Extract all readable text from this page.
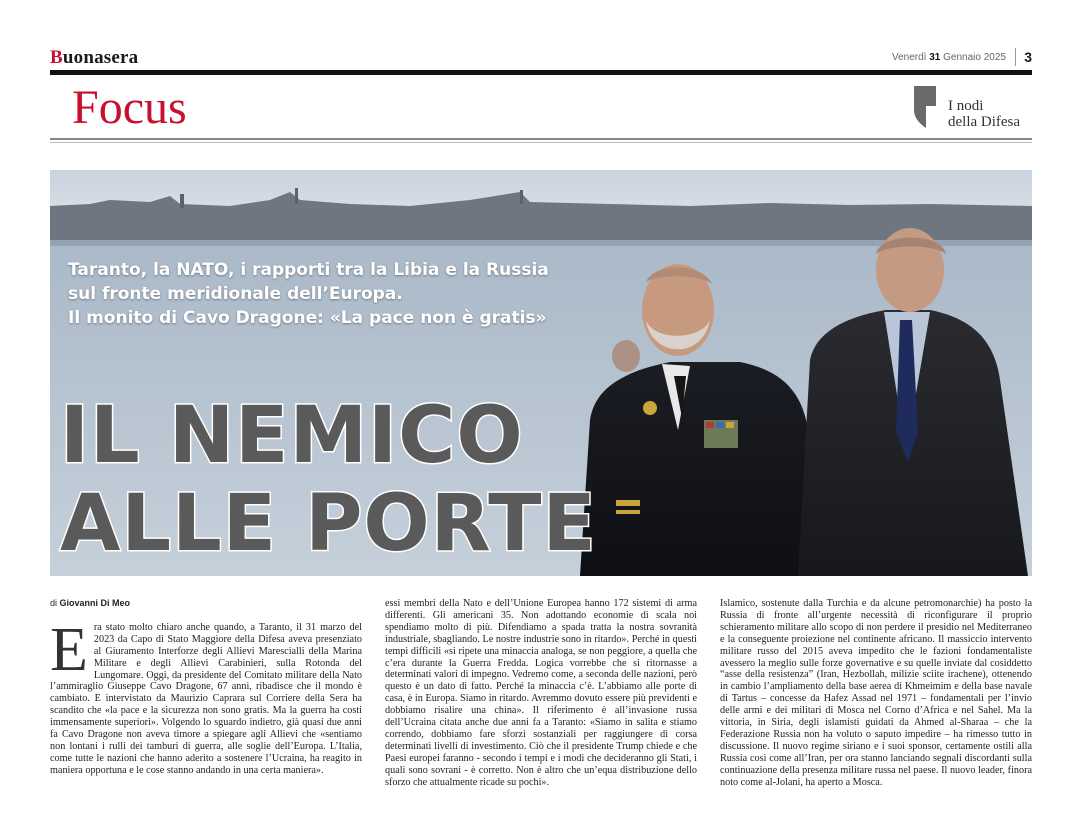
Buonasera	Venerdì 31 Gennaio 2025	3
Focus	I nodi
della Difesa
Taranto, la NATO, i rapporti tra la Libia e la Russia
sul fronte meridionale dell’Europa.
Il monito di Cavo Dragone: «La pace non è gratis»
IL NEMICO
ALLE PORTE
di Giovanni Di Meo
E ra stato molto chiaro anche quando, a Taranto, il 31 marzo del 2023 da Capo di Stato Maggiore della Difesa aveva presenziato al Giuramento Interforze degli Allievi Marescialli della Marina Militare e degli Allievi Carabinieri, sulla Rotonda del Lungomare. Oggi, da presidente del Comitato militare della Nato l’ammiraglio Giuseppe Cavo Dragone, 67 anni, ribadisce che il mondo è cambiato. E intervistato da Maurizio Caprara sul Corriere della Sera ha scandito che «la pace e la sicurezza non sono gratis. Ma la guerra ha costi immensamente superiori». Volgendo lo sguardo indietro, già quasi due anni fa Cavo Dragone non aveva timore a spiegare agli Allievi che «sentiamo non lontani i rulli dei tamburi di guerra, alle soglie dell’Europa. L’Italia, come tutte le nazioni che hanno aderito a sostenere l’Ucraina, ha reagito in maniera opportuna e le cose stanno andando in una certa maniera».

essi membri della Nato e dell’Unione Europea hanno 172 sistemi di arma differenti. Gli americani 35. Non adottando economie di scala noi spendiamo molto di più. Difendiamo a spada tratta la nostra sovranità industriale, sbagliando. Le nostre industrie sono in ritardo». Perché in questi tempi difficili «si ripete una minaccia analoga, se non peggiore, a quella che c’era durante la Guerra Fredda. Logica vorrebbe che si ritornasse a determinati valori di impegno. Vedremo come, a seconda delle nazioni, però questo è un dato di fatto. Perché la minaccia c’è. L’abbiamo alle porte di casa, è in Europa. Siamo in ritardo. Avremmo dovuto essere più previdenti e dobbiamo risalire una china». Il riferimento è all’invasione russa dell’Ucraina citata anche due anni fa a Taranto: «Siamo in salita e stiamo correndo, dobbiamo fare sforzi sostanziali per raggiungere di corsa determinati livelli di investimento. Ciò che il presidente Trump chiede e che Paesi europei faranno - secondo i tempi e i modi che decideranno gli Stati, i quali sono sovrani - è corretto. Non è altro che un’equa distribuzione dello sforzo che attualmente ricade su pochi».

Islamico, sostenute dalla Turchia e da alcune petromonarchie) ha posto la Russia di fronte all’urgente necessità di riconfigurare il proprio schieramento militare allo scopo di non perdere il presidio nel Mediterraneo e la conseguente proiezione nel continente africano. Il massiccio intervento militare russo del 2015 aveva impedito che le fazioni fondamentaliste avessero la meglio sulle forze governative e su quelle inviate dal cosiddetto “asse della resistenza” (Iran, Hezbollah, milizie sciite irachene), ottenendo in cambio l’ampliamento della base aerea di Khmeimim e della base navale di Tartus – concesse da Hafez Assad nel 1971 – fondamentali per l’invio delle armi e dei militari di Mosca nel Corno d’Africa e nel Sahel. Ma la vittoria, in Siria, degli islamisti guidati da Ahmed al-Sharaa – che la Federazione Russia non ha voluto o saputo impedire – ha rimesso tutto in discussione. Il nuovo regime siriano e i suoi sponsor, certamente ostili alla Russia così come all’Iran, per ora stanno lanciando segnali discordanti sulla continuazione della presenza militare russa nel paese. Il nuovo leader, finora noto come al-Jolani, ha aperto a Mosca.
